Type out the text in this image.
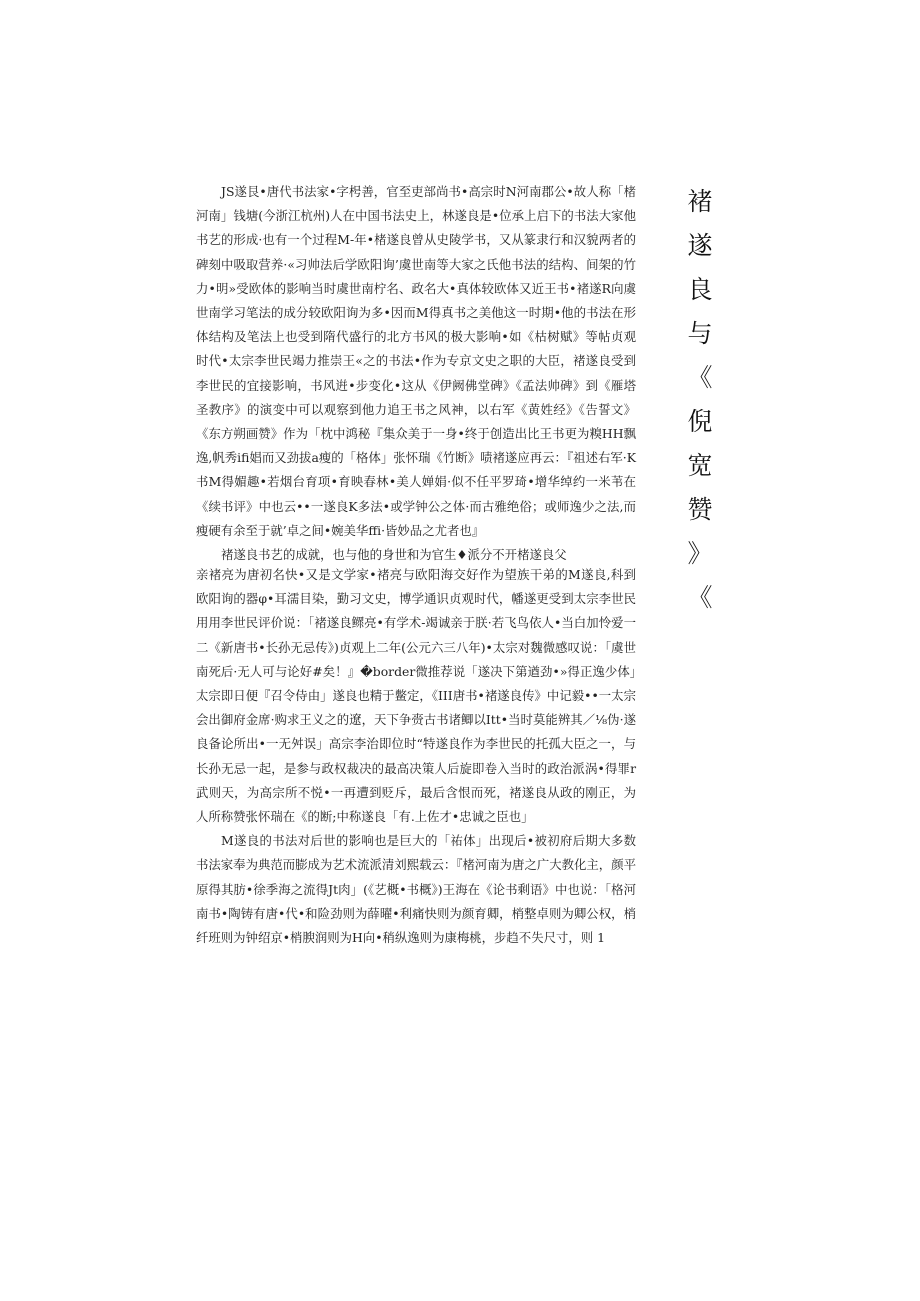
褚
遂
良
与
《
倪
宽
赞
》
《

JS遂艮•唐代书法家•字枵善，官至吏部尚书•高宗时N河南郡公•故人称「楮河南」钱塘(今浙江杭州)人在中国书法史上，林遂良是•位承上启下的书法大家他书艺的形成·也有一个过程M-年•楮遂良曾从史陵学书，又从篆隶行和汉貌两者的碑刻中吸取营养·«习帅法后学欧阳询’虞世南等大家之氏他书法的结构、间架的竹力•明»受欧体的影响当时虞世南柠名、政名大•真体较欧体又近王书•褚遂R向虞世南学习笔法的成分较欧阳询为多•因而M得真书之美他这一时期•他的书法在形体结构及笔法上也受到隋代盛行的北方书风的极大影响•如《枯树赋》等帖贞观时代•太宗李世民竭力推崇王«之的书法•作为专京文史之职的大臣，褚遂良受到李世民的宜接影响，书风逬•步变化•这从《伊阙佛堂碑》《孟法帅碑》到《雁塔圣教序》的演变中可以观察到他力追王书之风神，以右军《黄姓经》《告誓文》《东方朔画赞》作为「枕中鸿秘『集众美于一身•终于创造出比王书更为糗HH飘逸,帆秀ifi娼而又劲拔a瘦的「格体」张怀瑞《竹断》啧褚遂应再云：『祖述右军·K书M得媚趣•若烟台育项•育映春林•美人婵娟·似不任平罗琦•增华绰约一米苇在《续书评》中也云••一遂良K多法•或学钟公之体·而古雅绝俗；或师逸少之法,而瘦硬有余至于就’卓之间•婉美华ffi·皆妙品之尤者也』

褚遂良书艺的成就，也与他的身世和为官生♦派分不开楮遂良父

亲褚亮为唐初名快•又是文学家•褚亮与欧阳海交好作为望族干弟的M遂良,科到欧阳询的器φ•耳濡目染，勤习文史，博学通识贞观时代，幡遂更受到太宗李世民用用李世民评价说：「褚遂良鳏亮•有学术-竭诚亲于朕·若飞鸟依人•当白加怜爱一二《新唐书•长孙无忌传》)贞观上二年(公元六三八年)•太宗对魏微感叹说：「虞世南死后·无人可与论好#矣！』�border微推荐说「遂决下第遒劲•»得正逸少体」太宗即日便『召令侍由」遂良也精于鳖定，《III唐书•褚遂良传》中记毅••一太宗会出御府金席·购求王义之的遼，天下争赍古书诸鲫以Itt•当时莫能辨其／⅛伪·遂良备论所出•一无舛误」高宗李治即位时“特遂良作为李世民的托孤大臣之一，与长孙无忌一起，是参与政权裁决的最高决策人后旋即卷入当时的政治派涡•得罪r武则天，为高宗所不悦•一再遭到贬斥，最后含恨而死，褚遂良从政的刚正，为人所称赞张怀瑞在《的断;中称遂良「有.上佐才•忠诚之臣也」

M遂良的书法对后世的影响也是巨大的「祐体」出现后•被初府后期大多数书法家奉为典范而膨成为艺术流派清刘熙载云：『楮河南为唐之广大教化主，颜平原得其肪•徐季海之流得Jt肉」(《艺概•书概》)王海在《论书剩语》中也说：「格河南书•陶铸有唐•代•和险劲则为薛曜•利痛快则为颜育卿，梢整卓则为卿公权，梢纤班则为钟绍京•梢腴润则为H向•稍纵逸则为康梅桃，步趋不失尺寸，则 1
